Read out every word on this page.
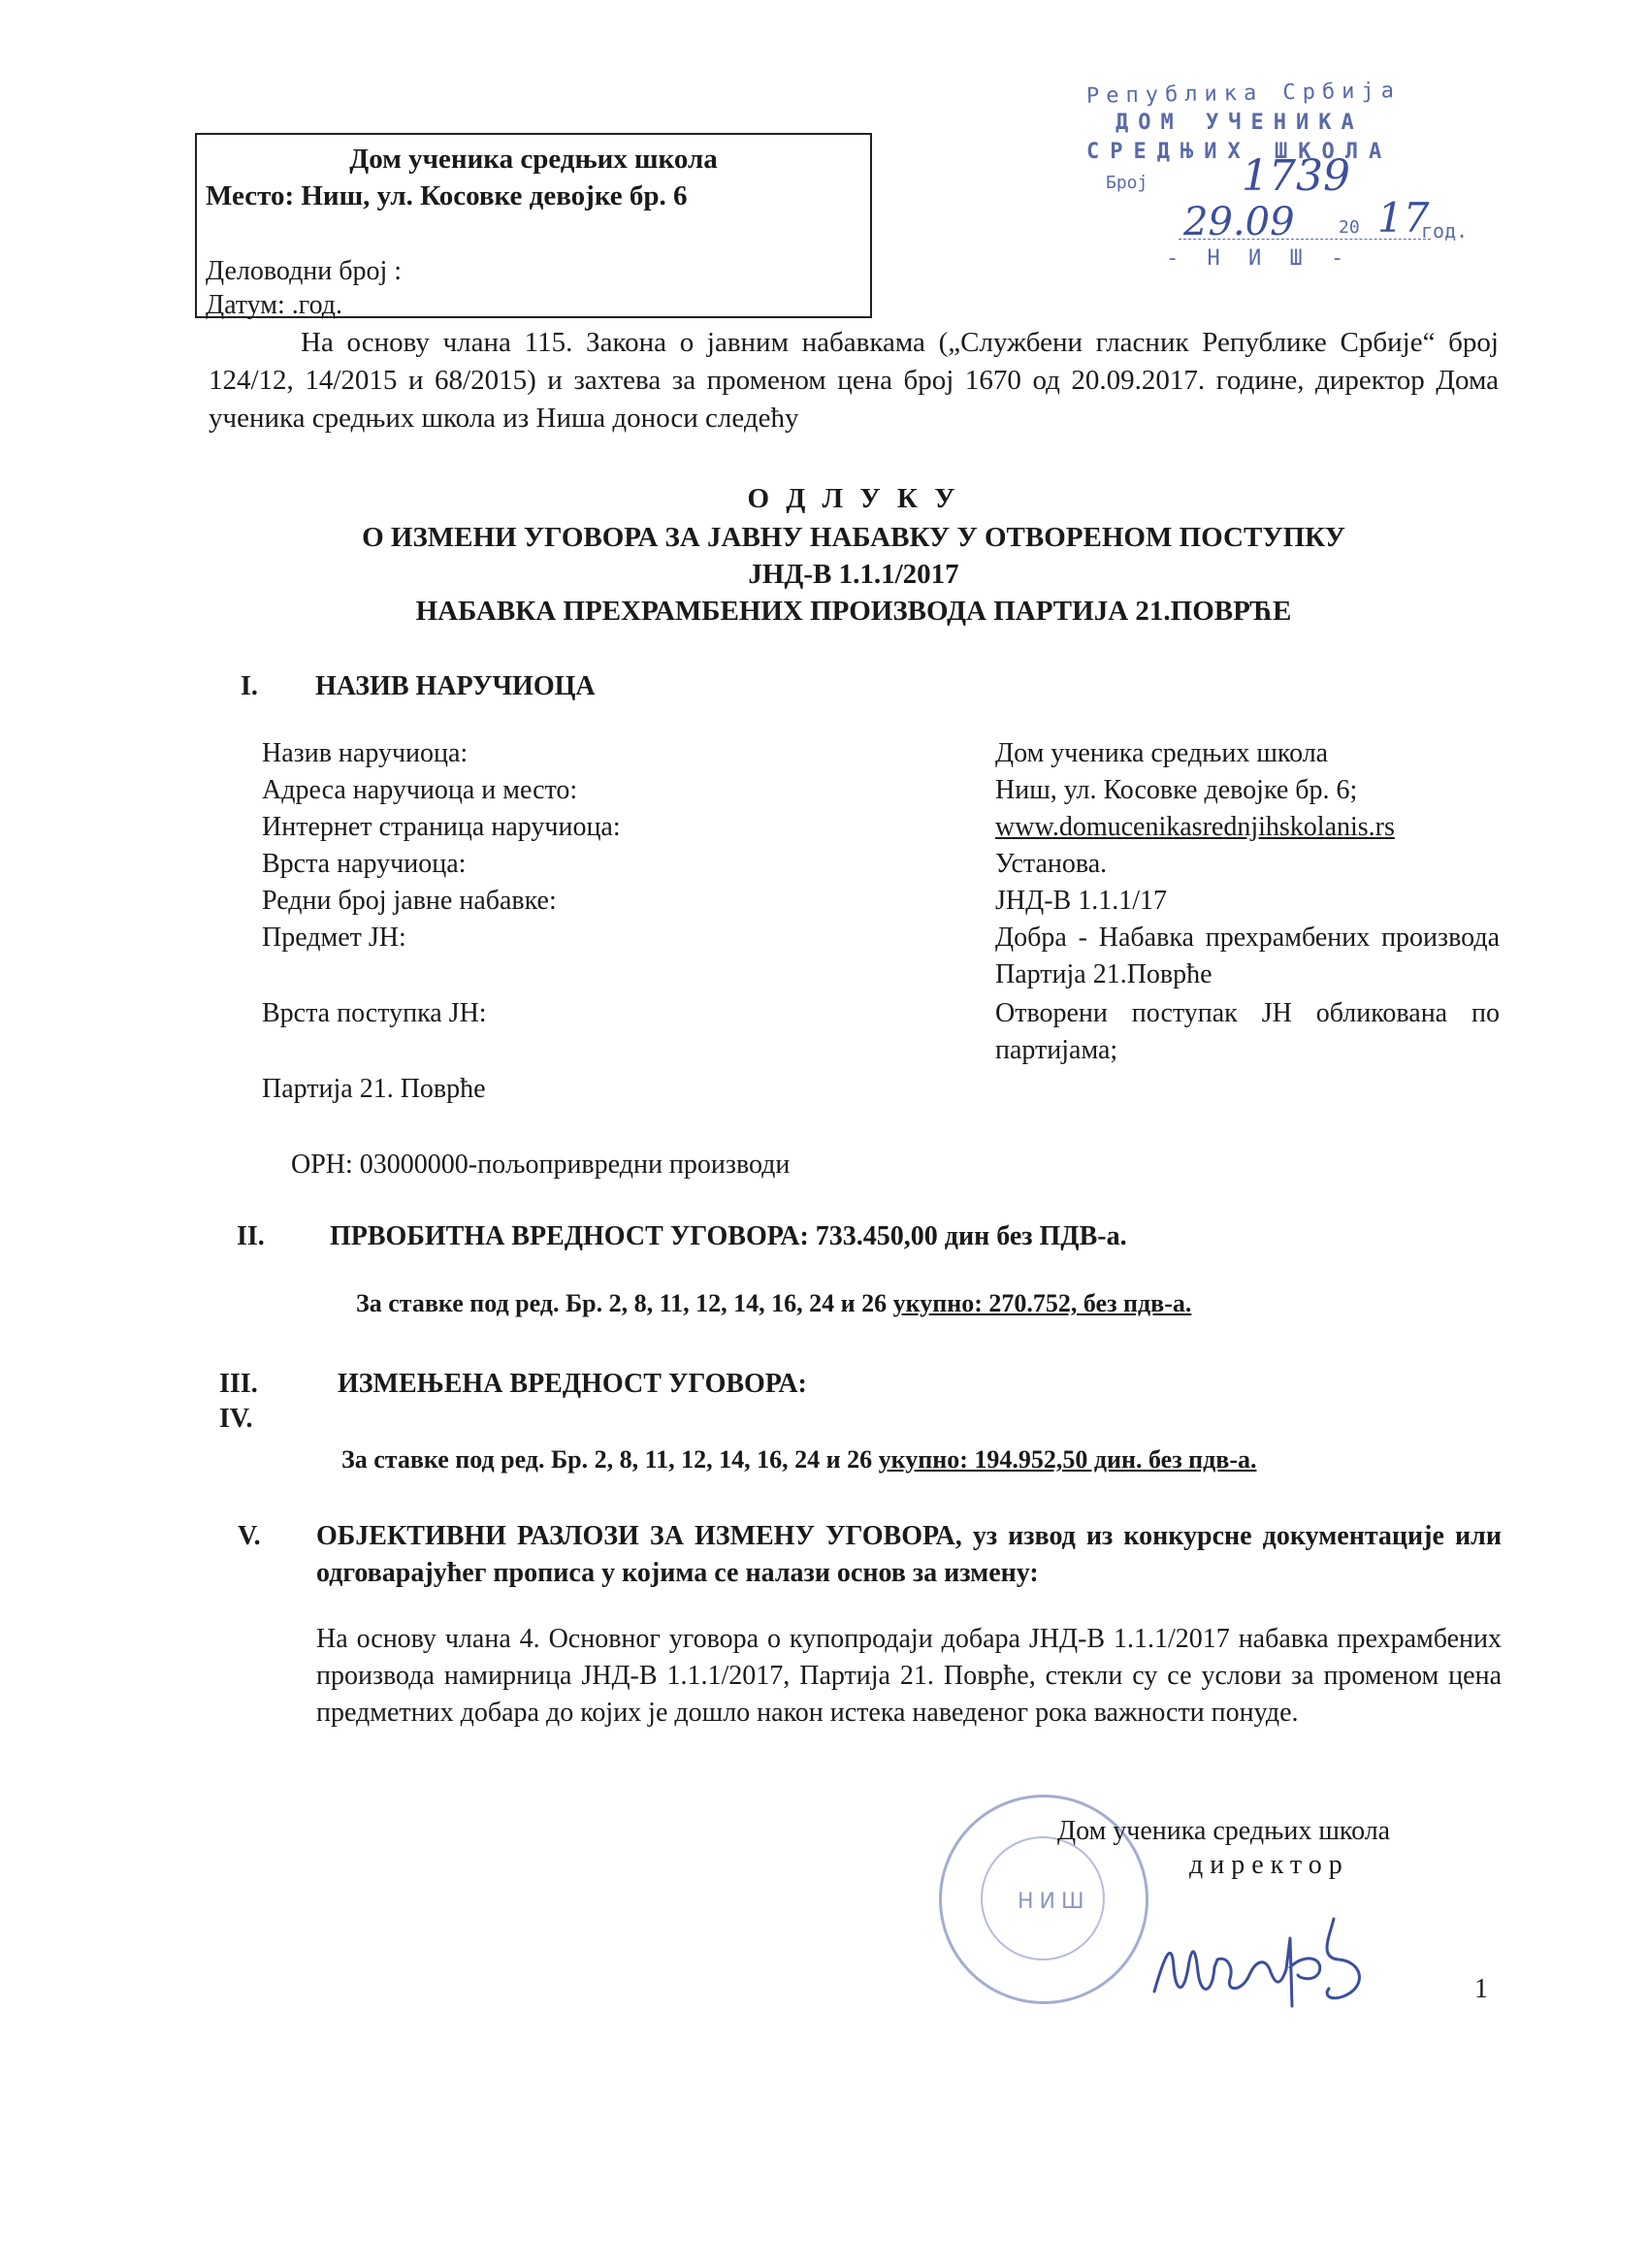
Дом ученика средњих школа
Место: Ниш, ул. Косовке девојке бр. 6
Деловодни број :
Датум: .год.
Република Србија
ДОМ УЧЕНИКА
СРЕДЊИХ ШКОЛА
Број 1739
29.09	20 17
год.
- Н И Ш -
На основу члана 115. Закона о јавним набавкама („Службени гласник Републике Србије“ број 124/12, 14/2015 и 68/2015) и захтева за променом цена број 1670 од 20.09.2017. године, директор Дома ученика средњих школа из Ниша доноси следећу
О Д Л У К У
О ИЗМЕНИ УГОВОРА ЗА ЈАВНУ НАБАВКУ У ОТВОРЕНОМ ПОСТУПКУ
ЈНД-В 1.1.1/2017
НАБАВКА ПРЕХРАМБЕНИХ ПРОИЗВОДА ПАРТИЈА 21.ПОВРЋЕ
I. НАЗИВ НАРУЧИОЦА
Назив наручиоца:	Дом ученика средњих школа
Адреса наручиоца и место:	Ниш, ул. Косовке девојке бр. 6;
Интернет страница наручиоца:	www.domucenikasrednjihskolanis.rs
Врста наручиоца:	Установа.
Редни број јавне набавке:	ЈНД-В 1.1.1/17
Предмет ЈН:	Добра - Набавка прехрамбених производа Партија 21.Поврће
Врста поступка ЈН:	Отворени поступак ЈН обликована по партијама;
Партија 21. Поврће
ОРН: 03000000-пољопривредни производи
II. ПРВОБИТНА ВРЕДНОСТ УГОВОРА: 733.450,00 дин без ПДВ-а.
За ставке под ред. Бр. 2, 8, 11, 12, 14, 16, 24 и 26 укупно: 270.752, без пдв-а.
III.
IV.
ИЗМЕЊЕНА ВРЕДНОСТ УГОВОРА:
За ставке под ред. Бр. 2, 8, 11, 12, 14, 16, 24 и 26 укупно: 194.952,50 дин. без пдв-а.
V. ОБЈЕКТИВНИ РАЗЛОЗИ ЗА ИЗМЕНУ УГОВОРА, уз извод из конкурсне документације или одговарајућег прописа у којима се налази основ за измену:
На основу члана 4. Основног уговора о купопродаји добара ЈНД-В 1.1.1/2017 набавка прехрамбених производа намирница ЈНД-В 1.1.1/2017, Партија 21. Поврће, стекли су се услови за променом цена предметних добара до којих је дошло након истека наведеног рока важности понуде.
НИШ
Дом ученика средњих школа
директор
1
